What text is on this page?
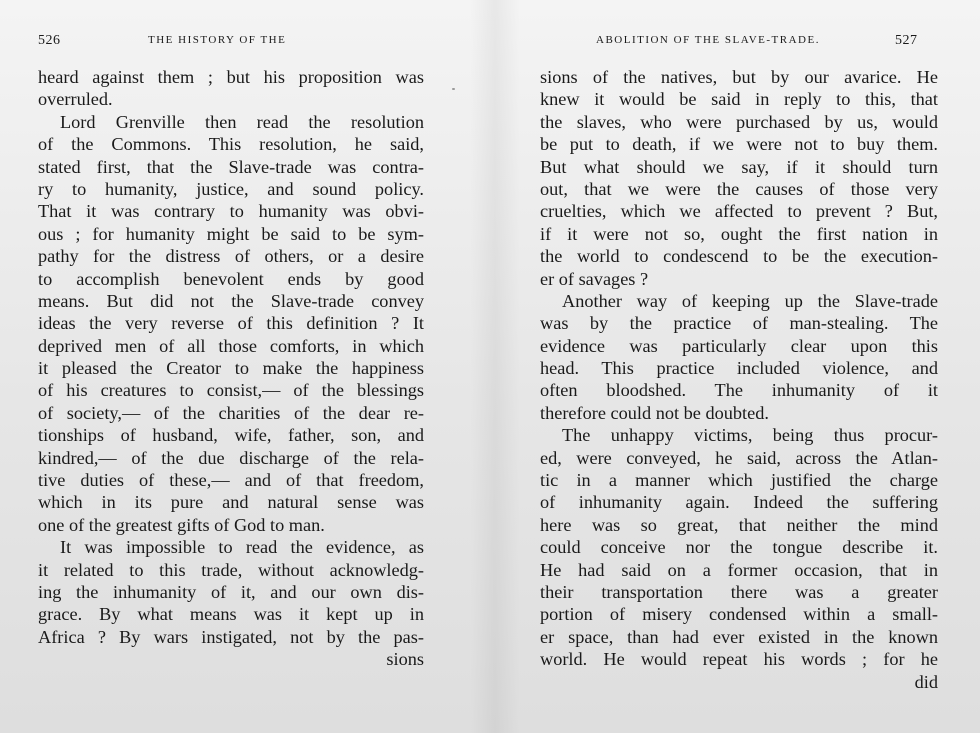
526	THE HISTORY OF THE
heard against them ; but his proposition was
overruled.
Lord Grenville then read the resolution
of the Commons. This resolution, he said,
stated first, that the Slave-trade was contra-
ry to humanity, justice, and sound policy.
That it was contrary to humanity was obvi-
ous ; for humanity might be said to be sym-
pathy for the distress of others, or a desire
to accomplish benevolent ends by good
means. But did not the Slave-trade convey
ideas the very reverse of this definition ? It
deprived men of all those comforts, in which
it pleased the Creator to make the happiness
of his creatures to consist,— of the blessings
of society,— of the charities of the dear re-
tionships of husband, wife, father, son, and
kindred,— of the due discharge of the rela-
tive duties of these,— and of that freedom,
which in its pure and natural sense was
one of the greatest gifts of God to man.
It was impossible to read the evidence, as
it related to this trade, without acknowledg-
ing the inhumanity of it, and our own dis-
grace. By what means was it kept up in
Africa ? By wars instigated, not by the pas-
sions
ABOLITION OF THE SLAVE-TRADE.	527
sions of the natives, but by our avarice. He
knew it would be said in reply to this, that
the slaves, who were purchased by us, would
be put to death, if we were not to buy them.
But what should we say, if it should turn
out, that we were the causes of those very
cruelties, which we affected to prevent ? But,
if it were not so, ought the first nation in
the world to condescend to be the execution-
er of savages ?
Another way of keeping up the Slave-trade
was by the practice of man-stealing. The
evidence was particularly clear upon this
head. This practice included violence, and
often bloodshed. The inhumanity of it
therefore could not be doubted.
The unhappy victims, being thus procur-
ed, were conveyed, he said, across the Atlan-
tic in a manner which justified the charge
of inhumanity again. Indeed the suffering
here was so great, that neither the mind
could conceive nor the tongue describe it.
He had said on a former occasion, that in
their transportation there was a greater
portion of misery condensed within a small-
er space, than had ever existed in the known
world. He would repeat his words ; for he
did
